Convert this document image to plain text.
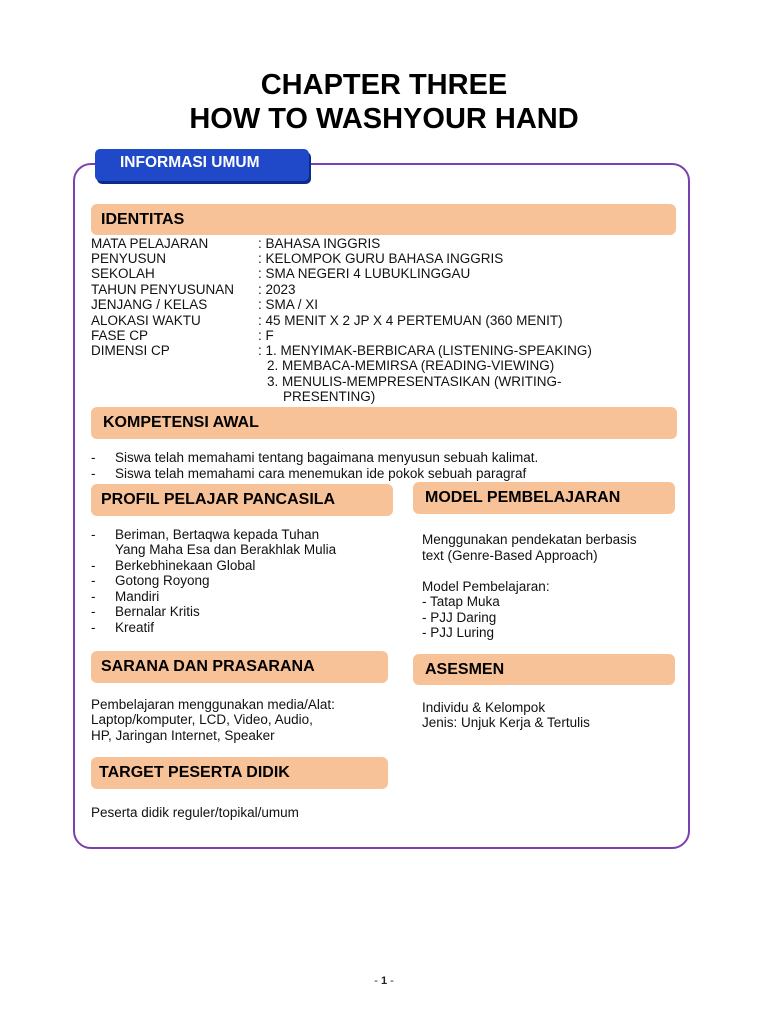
CHAPTER THREE
HOW TO WASHYOUR HAND
INFORMASI UMUM
IDENTITAS
MATA PELAJARAN	: BAHASA INGGRIS
PENYUSUN	: KELOMPOK GURU BAHASA INGGRIS
SEKOLAH	: SMA NEGERI 4 LUBUKLINGGAU
TAHUN PENYUSUNAN : 2023
JENJANG / KELAS	: SMA / XI
ALOKASI WAKTU	: 45 MENIT X 2 JP X 4 PERTEMUAN (360 MENIT)
FASE CP	: F
DIMENSI CP	: 1. MENYIMAK-BERBICARA (LISTENING-SPEAKING)
2. MEMBACA-MEMIRSA (READING-VIEWING)
3. MENULIS-MEMPRESENTASIKAN (WRITING-
PRESENTING)
KOMPETENSI AWAL
- Siswa telah memahami tentang bagaimana menyusun sebuah kalimat.
- Siswa telah memahami cara menemukan ide pokok sebuah paragraf
PROFIL PELAJAR PANCASILA
- Beriman, Bertaqwa kepada Tuhan
Yang Maha Esa dan Berakhlak Mulia
- Berkebhinekaan Global
- Gotong Royong
- Mandiri
- Bernalar Kritis
- Kreatif
MODEL PEMBELAJARAN
Menggunakan pendekatan berbasis
text (Genre-Based Approach)
Model Pembelajaran:
- Tatap Muka
- PJJ Daring
- PJJ Luring
SARANA DAN PRASARANA
Pembelajaran menggunakan media/Alat:
Laptop/komputer, LCD, Video, Audio,
HP, Jaringan Internet, Speaker
ASESMEN
Individu & Kelompok
Jenis: Unjuk Kerja & Tertulis
TARGET PESERTA DIDIK
Peserta didik reguler/topikal/umum
- 1 -
